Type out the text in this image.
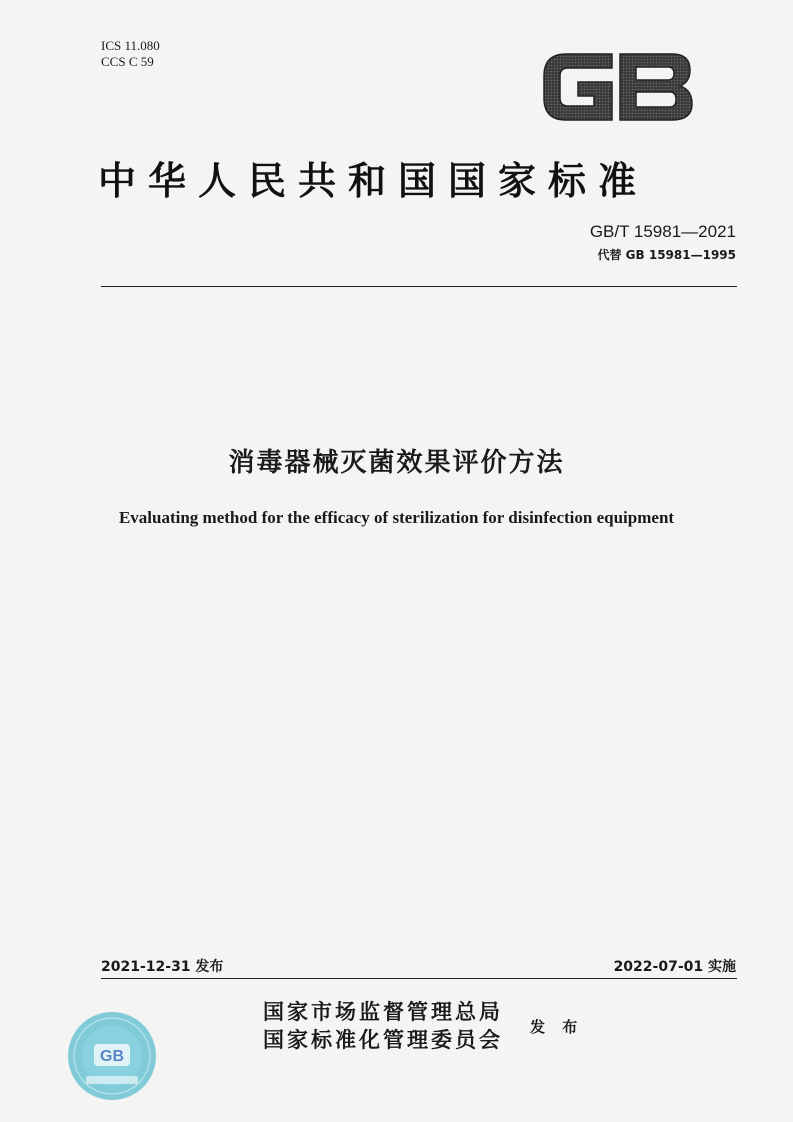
ICS 11.080
CCS C 59
中华人民共和国国家标准
GB/T 15981—2021
代替 GB 15981—1995
消毒器械灭菌效果评价方法
Evaluating method for the efficacy of sterilization for disinfection equipment
2021-12-31 发布	2022-07-01 实施
国家市场监督管理总局
国家标准化管理委员会 发 布
GB
